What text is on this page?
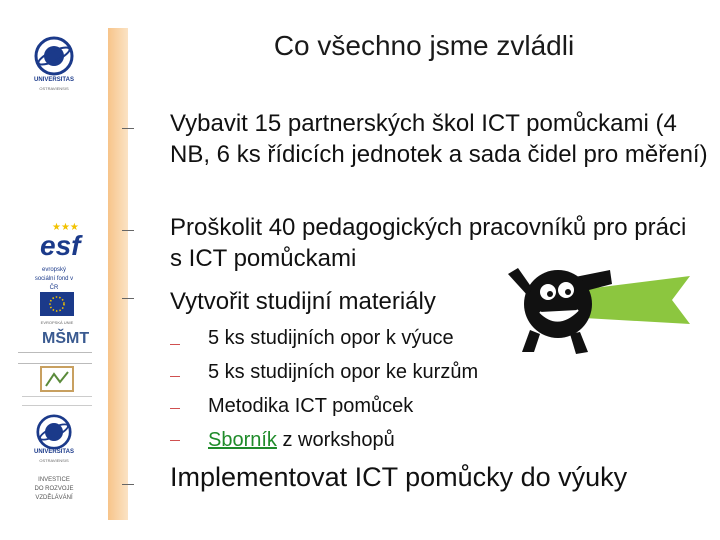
UNIVERSITAS
OSTRAVIENSIS
★★★
esf
evropský sociální fond v ČR
EVROPSKÁ UNIE
MŠMT
UNIVERSITAS
OSTRAVIENSIS
INVESTICE DO ROZVOJE VZDĚLÁVÁNÍ
Co všechno jsme zvládli
Vybavit 15 partnerských škol ICT pomůckami (4 NB, 6 ks řídicích jednotek a sada čidel pro měření)
Proškolit 40 pedagogických pracovníků pro práci s ICT pomůckami
Vytvořit studijní materiály
5 ks studijních opor k výuce
5 ks studijních opor ke kurzům
Metodika ICT pomůcek
Sborník z workshopů
Implementovat ICT pomůcky do výuky
